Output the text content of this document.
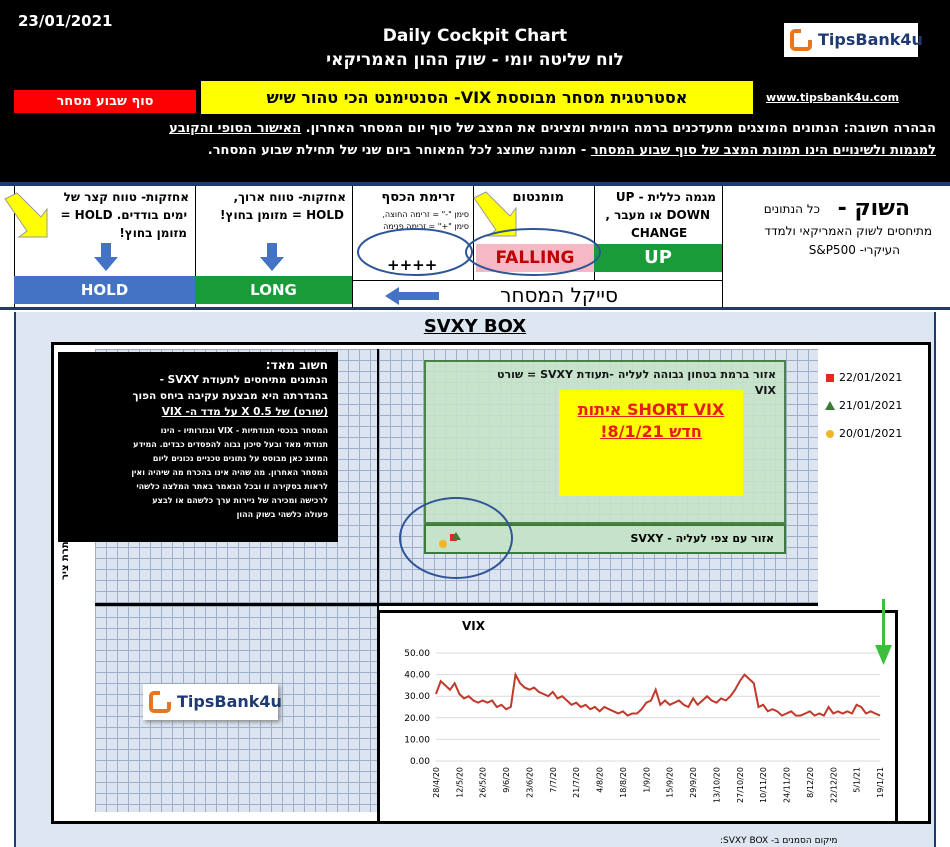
23/01/2021
Daily Cockpit Chart
לוח שליטה יומי - שוק ההון האמריקאי
TipsBank4u
סוף שבוע מסחר	אסטרטגית מסחר מבוססת VIX- הסנטימנט הכי טהור שיש	www.tipsbank4u.com
הבהרה חשובה: הנתונים המוצגים מתעדכנים ברמה היומית ומציגים את המצב של סוף יום המסחר האחרון. האישור הסופי והקובע
למגמות ולשינויים הינו תמונת המצב של סוף שבוע המסחר - תמונה שתוצג לכל המאוחר ביום שני של תחילת שבוע המסחר.
השוק -
כל הנתונים
מתיחסים לשוק האמריקאי ולמדד
העיקרי- S&P500
מגמה כללית - UP
DOWN או מעבר ,
CHANGE
UP
מומנטום
FALLING
זרימת הכסף
סימן "-" = זרימה החוצה,
סימן "+" = זרימה פנימה
++++
אחזקות- טווח ארוך,
HOLD = מזומן בחוץ!
LONG
אחזקות- טווח קצר של
ימים בודדים. HOLD =
מזומן בחוץ!
HOLD	סייקל המסחר
SVXY BOX
חשוב מאד:
הנתונים מתיחסים לתעודת SVXY -
בהגדרתה היא מבצעת עקיבה ביחס הפוך
(שורט) של X 0.5 על מדד ה- VIX
המסחר בנכסי תנודתיות - VIX ונגזרותיו - הינו
תנודתי מאד ובעל סיכון גבוה להפסדים כבדים. המידע
המוצג כאן מבוסס על נתונים טכניים נכונים ליום
המסחר האחרון. מה שהיה אינו בהכרח מה שיהיה ואין
לראות בסקירה זו ובכל הנאמר באתר המלצה כלשהי
לרכישה ומכירה של ניירות ערך כלשהם או לבצע
פעולה כלשהי בשוק ההון
אזור ברמת בטחון גבוהה לעליה -תעודת SVXY = שורט
VIX
אזור עם צפי לעליה - SVXY
איתות SHORT VIX
חדש 8/1/21!
22/01/2021
21/01/2021
20/01/2021
כותרת ציר
TipsBank4u
VIX
0.00
10.00
20.00
30.00
40.00
50.00
28/4/20 12/5/20 26/5/20 9/6/20 23/6/20 7/7/20 21/7/20 4/8/20 18/8/20 1/9/20 15/9/20 29/9/20 13/10/20 27/10/20 10/11/20 24/11/20 8/12/20 22/12/20 5/1/21 19/1/21
מיקום הסמנים ב- SVXY BOX:
